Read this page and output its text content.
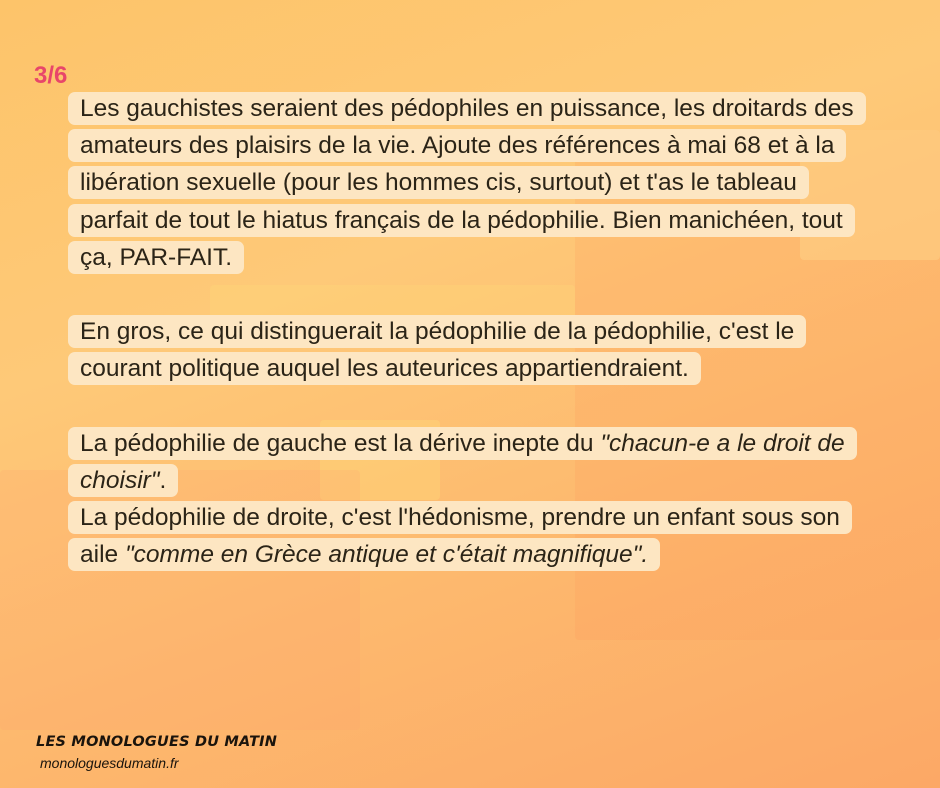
3/6
Les gauchistes seraient des pédophiles en puissance, les droitards des amateurs des plaisirs de la vie. Ajoute des références à mai 68 et à la libération sexuelle (pour les hommes cis, surtout) et t'as le tableau parfait de tout le hiatus français de la pédophilie. Bien manichéen, tout ça, PAR-FAIT.
En gros, ce qui distinguerait la pédophilie de la pédophilie, c'est le courant politique auquel les auteurices appartiendraient.
La pédophilie de gauche est la dérive inepte du "chacun-e a le droit de choisir".
La pédophilie de droite, c'est l'hédonisme, prendre un enfant sous son aile "comme en Grèce antique et c'était magnifique".
LES MONOLOGUES DU MATIN
monologuesdumatin.fr
